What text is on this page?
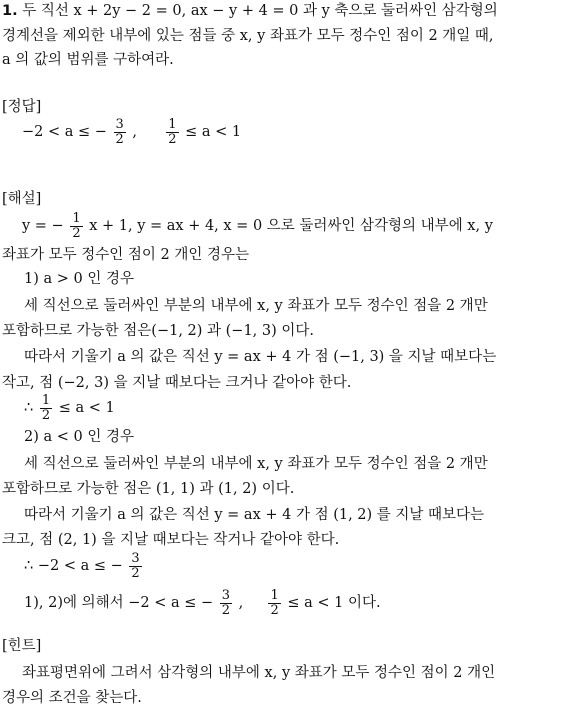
1. 두 직선 x + 2y − 2 = 0, ax − y + 4 = 0 과 y 축으로 둘러싸인 삼각형의
경계선을 제외한 내부에 있는 점들 중 x, y 좌표가 모두 정수인 점이 2 개일 때,
a 의 값의 범위를 구하여라.
[정답]
−2 < a ≤ − $\frac{3}{2}$ , $\frac{1}{2} \le a < 1$
[해설]
y = − $\frac{1}{2}$ x + 1, y = ax + 4, x = 0 으로 둘러싸인 삼각형의 내부에 x, y
좌표가 모두 정수인 점이 2 개인 경우는
1) a > 0 인 경우
세 직선으로 둘러싸인 부분의 내부에 x, y 좌표가 모두 정수인 점을 2 개만
포함하므로 가능한 점은(−1, 2) 과 (−1, 3) 이다.
따라서 기울기 a 의 값은 직선 y = ax + 4 가 점 (−1, 3) 을 지날 때보다는
작고, 점 (−2, 3) 을 지날 때보다는 크거나 같아야 한다.
∴ $\frac{1}{2} \le a < 1$
2) a < 0 인 경우
세 직선으로 둘러싸인 부분의 내부에 x, y 좌표가 모두 정수인 점을 2 개만
포함하므로 가능한 점은 (1, 1) 과 (1, 2) 이다.
따라서 기울기 a 의 값은 직선 y = ax + 4 가 점 (1, 2) 를 지날 때보다는
크고, 점 (2, 1) 을 지날 때보다는 작거나 같아야 한다.
∴ −2 < a ≤ − $\frac{3}{2}$
1), 2)에 의해서 −2 < a ≤ − $\frac{3}{2}$ , $\frac{1}{2} \le a < 1$ 이다.
[힌트]
좌표평면위에 그려서 삼각형의 내부에 x, y 좌표가 모두 정수인 점이 2 개인
경우의 조건을 찾는다.
